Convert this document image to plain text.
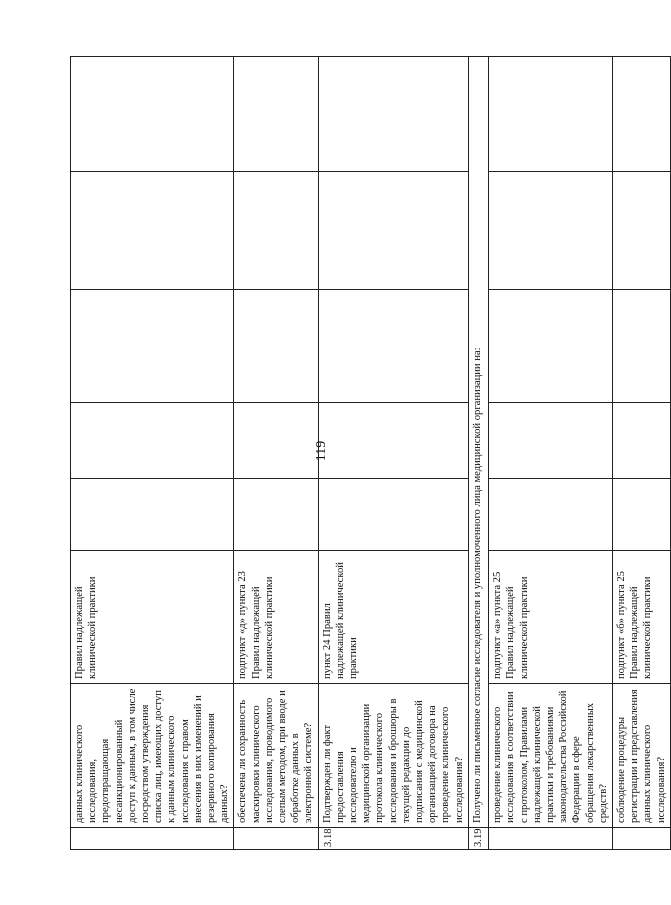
119
	данных клинического исследования, предотвращающая несанкционированный доступ к данным, в том числе посредством утверждения списка лиц, имеющих доступ к данным клинического исследования с правом внесения в них изменений и резервного копирования данных?	Правил надлежащей клинической практики					
	обеспечена ли сохранность маскировки клинического исследования, проводимого слепым методом, при вводе и обработке данных в электронной системе?	подпункт «д» пункта 23 Правил надлежащей клинической практики					
3.18	Подтвержден ли факт предоставления исследователю и медицинской организации протокола клинического исследования и брошюры в текущей редакции до подписания с медицинской организацией договора на проведение клинического исследования?	пункт 24 Правил надлежащей клинической практики					
3.19	Получено ли письменное согласие исследователя и уполномоченного лица медицинской организации на:						
	проведение клинического исследования в соответствии с протоколом, Правилами надлежащей клинической практики и требованиями законодательства Российской Федерации в сфере обращения лекарственных средств?	подпункт «а» пункта 25 Правил надлежащей клинической практики					
	соблюдение процедуры регистрации и представления данных клинического исследования?	подпункт «б» пункта 25 Правил надлежащей клинической практики					
